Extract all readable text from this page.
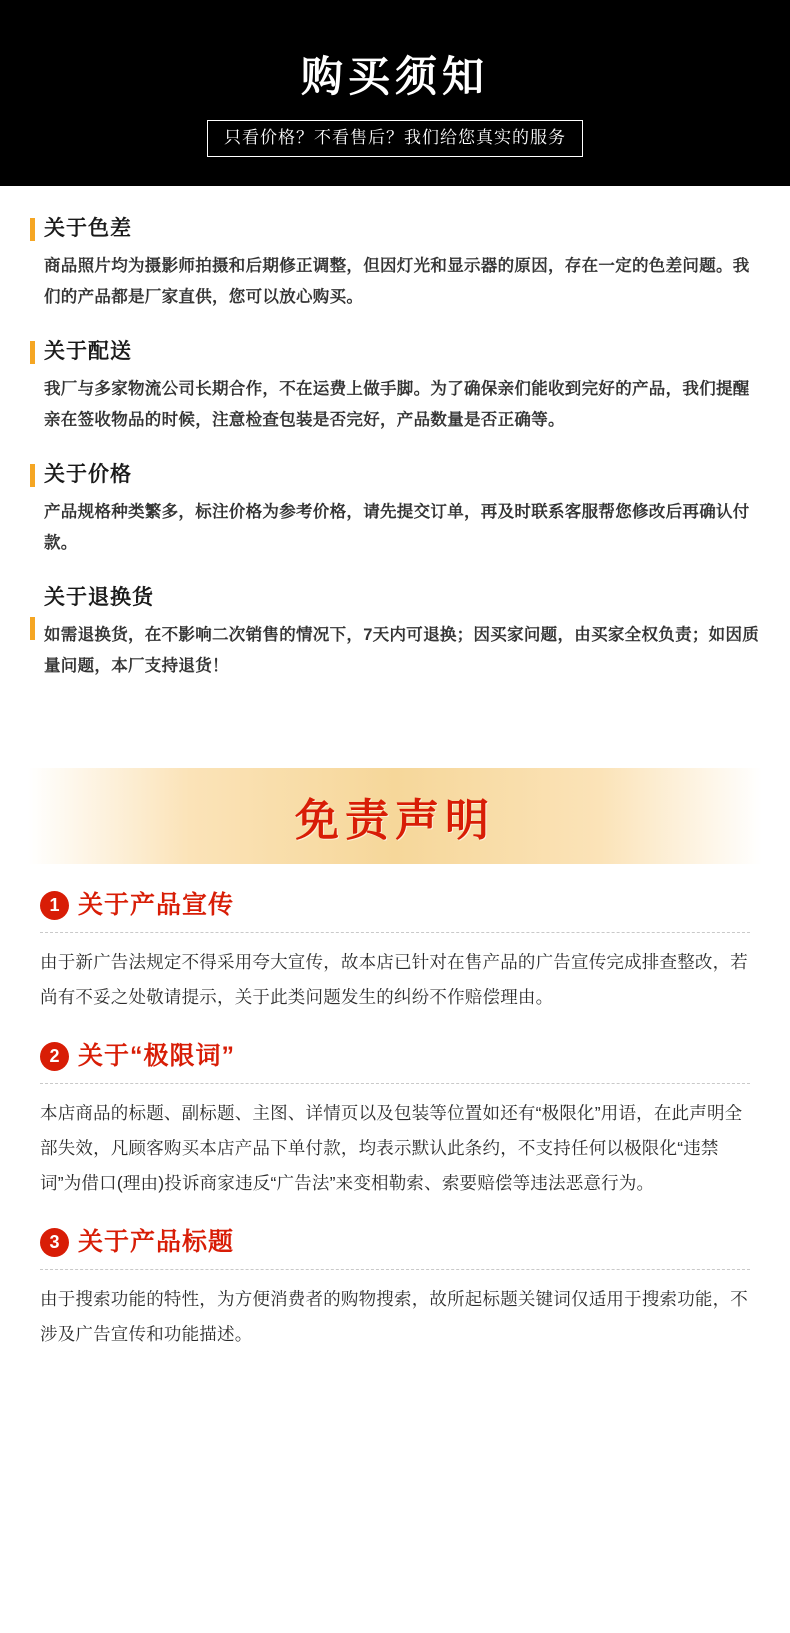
购买须知
只看价格？不看售后？我们给您真实的服务
关于色差
商品照片均为摄影师拍摄和后期修正调整，但因灯光和显示器的原因，存在一定的色差问题。我们的产品都是厂家直供，您可以放心购买。
关于配送
我厂与多家物流公司长期合作，不在运费上做手脚。为了确保亲们能收到完好的产品，我们提醒亲在签收物品的时候，注意检查包装是否完好，产品数量是否正确等。
关于价格
产品规格种类繁多，标注价格为参考价格，请先提交订单，再及时联系客服帮您修改后再确认付款。
关于退换货
如需退换货，在不影响二次销售的情况下，7天内可退换；因买家问题，由买家全权负责；如因质量问题，本厂支持退货！
免责声明
1 关于产品宣传
由于新广告法规定不得采用夸大宣传，故本店已针对在售产品的广告宣传完成排查整改，若尚有不妥之处敬请提示，关于此类问题发生的纠纷不作赔偿理由。
2 关于“极限词”
本店商品的标题、副标题、主图、详情页以及包装等位置如还有“极限化”用语，在此声明全部失效，凡顾客购买本店产品下单付款，均表示默认此条约，不支持任何以极限化“违禁词”为借口(理由)投诉商家违反“广告法”来变相勒索、索要赔偿等违法恶意行为。
3 关于产品标题
由于搜索功能的特性，为方便消费者的购物搜索，故所起标题关键词仅适用于搜索功能，不涉及广告宣传和功能描述。
